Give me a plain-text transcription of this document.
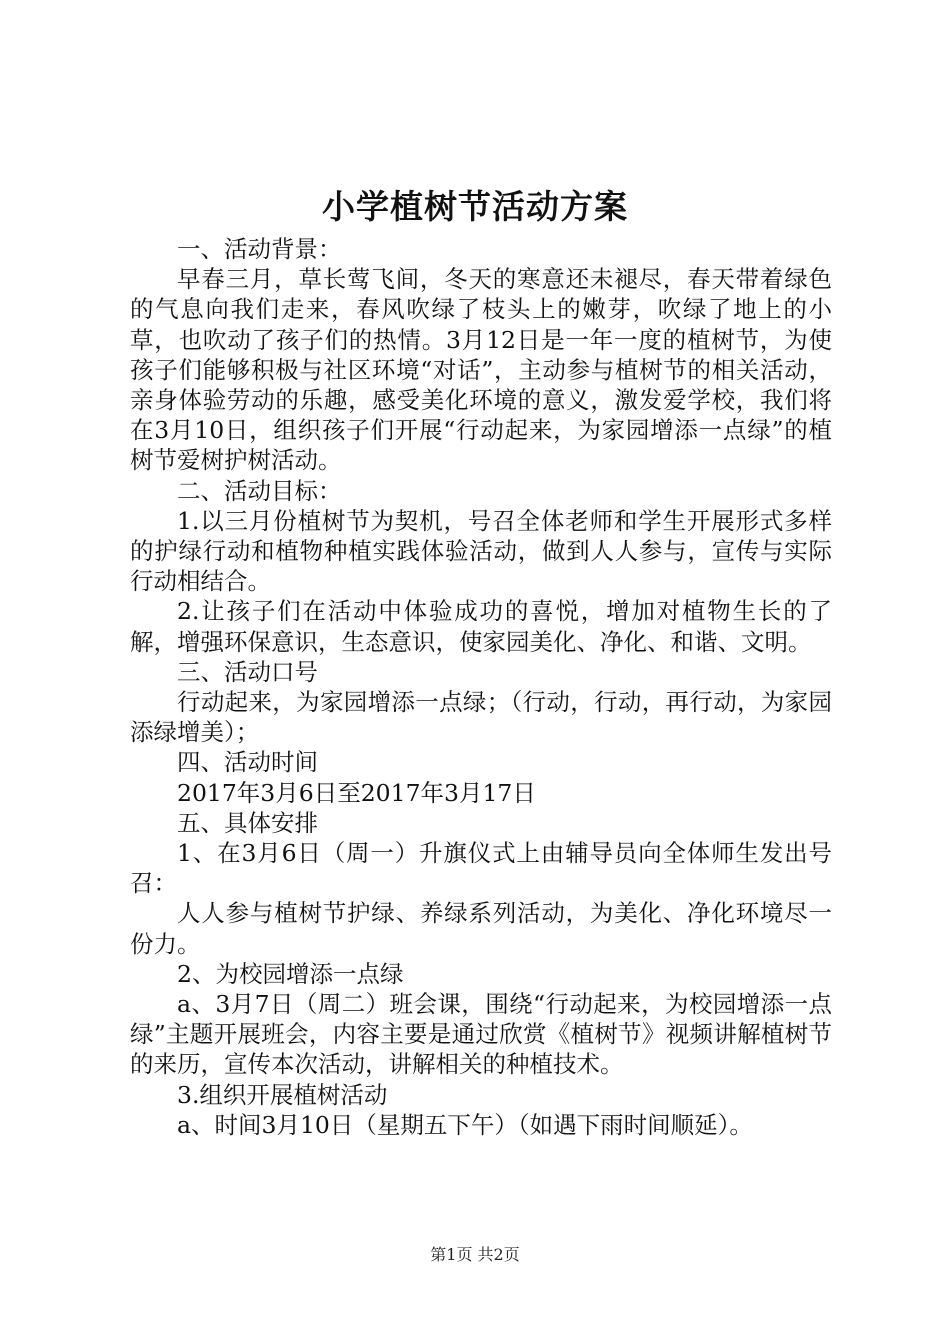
小学植树节活动方案

一、活动背景：

早春三月，草长莺飞间，冬天的寒意还未褪尽，春天带着绿色的气息向我们走来，春风吹绿了枝头上的嫩芽，吹绿了地上的小草，也吹动了孩子们的热情。3月12日是一年一度的植树节，为使孩子们能够积极与社区环境“对话”，主动参与植树节的相关活动，亲身体验劳动的乐趣，感受美化环境的意义，激发爱学校，我们将在3月10日，组织孩子们开展“行动起来，为家园增添一点绿”的植树节爱树护树活动。

二、活动目标：

1.以三月份植树节为契机，号召全体老师和学生开展形式多样的护绿行动和植物种植实践体验活动，做到人人参与，宣传与实际行动相结合。

2.让孩子们在活动中体验成功的喜悦，增加对植物生长的了解，增强环保意识，生态意识，使家园美化、净化、和谐、文明。

三、活动口号

行动起来，为家园增添一点绿；（行动，行动，再行动，为家园添绿增美）；

四、活动时间

2017年3月6日至2017年3月17日

五、具体安排

1、在3月6日（周一）升旗仪式上由辅导员向全体师生发出号召：

人人参与植树节护绿、养绿系列活动，为美化、净化环境尽一份力。

2、为校园增添一点绿

a、3月7日（周二）班会课，围绕“行动起来，为校园增添一点绿”主题开展班会，内容主要是通过欣赏《植树节》视频讲解植树节的来历，宣传本次活动，讲解相关的种植技术。

3.组织开展植树活动

a、时间3月10日（星期五下午）（如遇下雨时间顺延）。

第1页 共2页
